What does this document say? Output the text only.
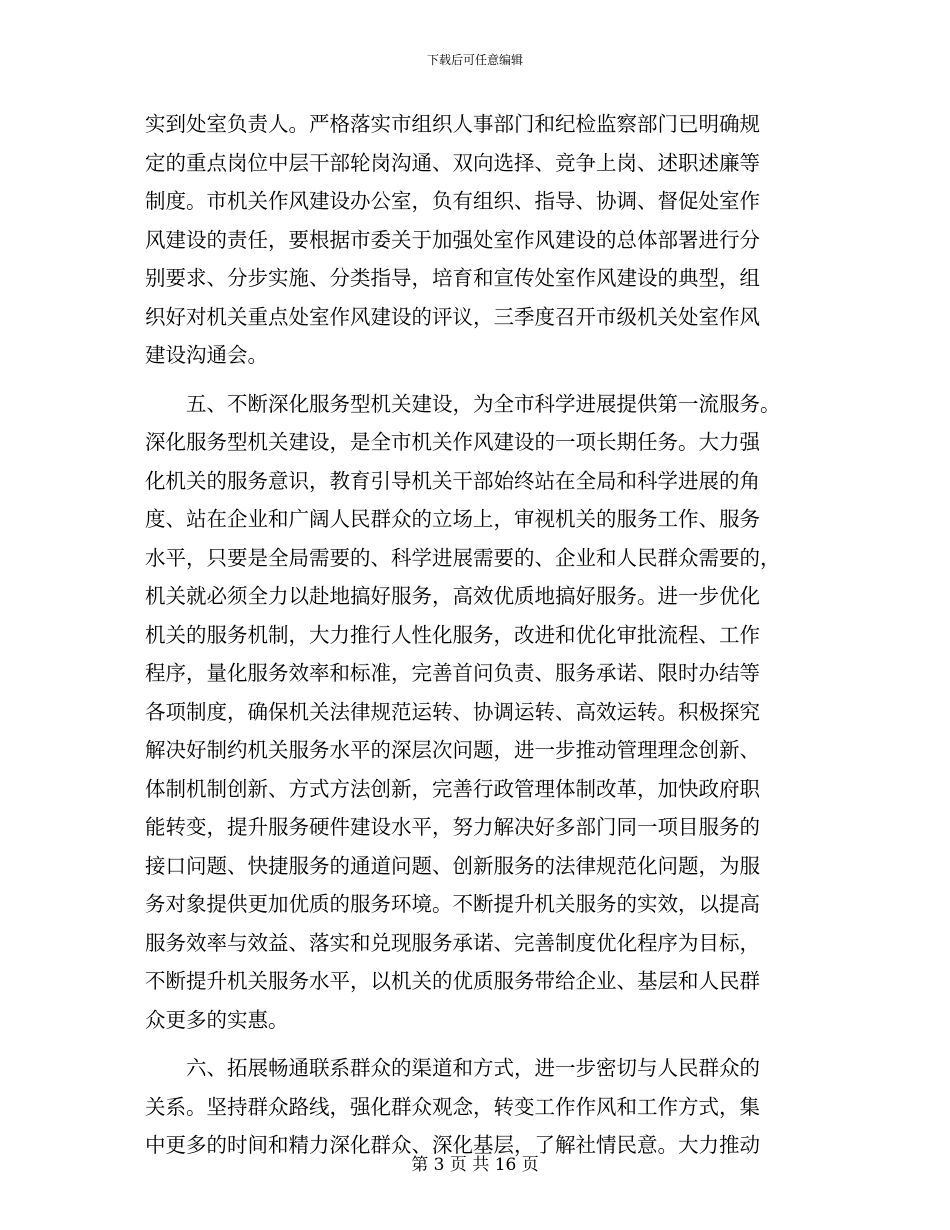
下载后可任意编辑
实到处室负责人。严格落实市组织人事部门和纪检监察部门已明确规
定的重点岗位中层干部轮岗沟通、双向选择、竞争上岗、述职述廉等
制度。市机关作风建设办公室，负有组织、指导、协调、督促处室作
风建设的责任，要根据市委关于加强处室作风建设的总体部署进行分
别要求、分步实施、分类指导，培育和宣传处室作风建设的典型，组
织好对机关重点处室作风建设的评议，三季度召开市级机关处室作风
建设沟通会。
五、不断深化服务型机关建设，为全市科学进展提供第一流服务。
深化服务型机关建设，是全市机关作风建设的一项长期任务。大力强
化机关的服务意识，教育引导机关干部始终站在全局和科学进展的角
度、站在企业和广阔人民群众的立场上，审视机关的服务工作、服务
水平，只要是全局需要的、科学进展需要的、企业和人民群众需要的，
机关就必须全力以赴地搞好服务，高效优质地搞好服务。进一步优化
机关的服务机制，大力推行人性化服务，改进和优化审批流程、工作
程序，量化服务效率和标准，完善首问负责、服务承诺、限时办结等
各项制度，确保机关法律规范运转、协调运转、高效运转。积极探究
解决好制约机关服务水平的深层次问题，进一步推动管理理念创新、
体制机制创新、方式方法创新，完善行政管理体制改革，加快政府职
能转变，提升服务硬件建设水平，努力解决好多部门同一项目服务的
接口问题、快捷服务的通道问题、创新服务的法律规范化问题，为服
务对象提供更加优质的服务环境。不断提升机关服务的实效，以提高
服务效率与效益、落实和兑现服务承诺、完善制度优化程序为目标，
不断提升机关服务水平，以机关的优质服务带给企业、基层和人民群
众更多的实惠。
六、拓展畅通联系群众的渠道和方式，进一步密切与人民群众的
关系。坚持群众路线，强化群众观念，转变工作作风和工作方式，集
中更多的时间和精力深化群众、深化基层，了解社情民意。大力推动
第 3 页 共 16 页
